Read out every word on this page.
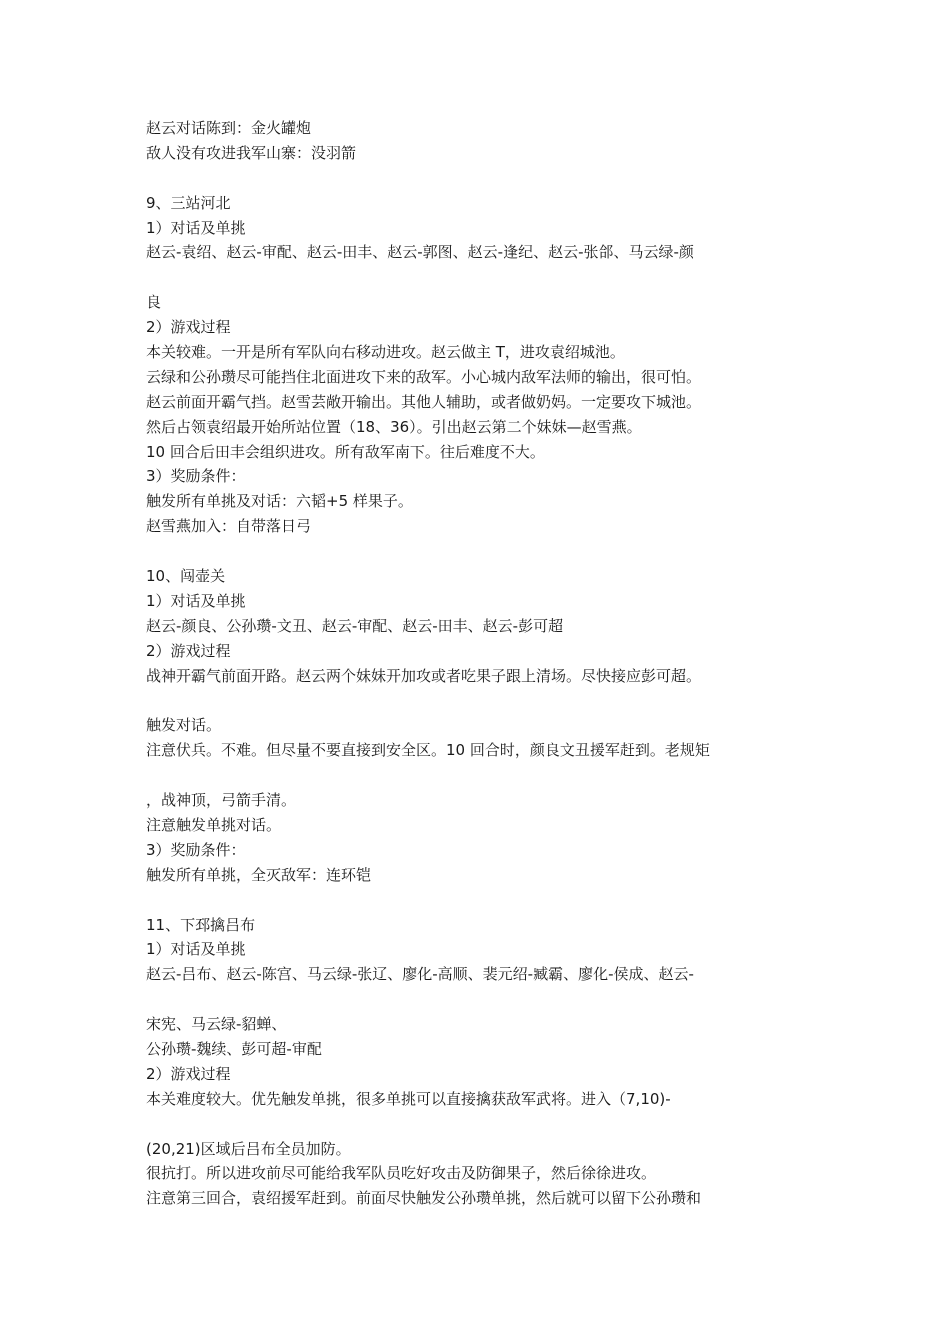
赵云对话陈到：金火罐炮
敌人没有攻进我军山寨：没羽箭
9、三站河北
1）对话及单挑
赵云-袁绍、赵云-审配、赵云-田丰、赵云-郭图、赵云-逢纪、赵云-张郃、马云绿-颜
良
2）游戏过程
本关较难。一开是所有军队向右移动进攻。赵云做主 T，进攻袁绍城池。
云绿和公孙瓒尽可能挡住北面进攻下来的敌军。小心城内敌军法师的输出，很可怕。
赵云前面开霸气挡。赵雪芸敞开输出。其他人辅助，或者做奶妈。一定要攻下城池。
然后占领袁绍最开始所站位置（18、36）。引出赵云第二个妹妹—赵雪燕。
10 回合后田丰会组织进攻。所有敌军南下。往后难度不大。
3）奖励条件：
触发所有单挑及对话：六韬+5 样果子。
赵雪燕加入：自带落日弓
10、闯壶关
1）对话及单挑
赵云-颜良、公孙瓒-文丑、赵云-审配、赵云-田丰、赵云-彭可超
2）游戏过程
战神开霸气前面开路。赵云两个妹妹开加攻或者吃果子跟上清场。尽快接应彭可超。
触发对话。
注意伏兵。不难。但尽量不要直接到安全区。10 回合时，颜良文丑援军赶到。老规矩
，战神顶，弓箭手清。
注意触发单挑对话。
3）奖励条件：
触发所有单挑，全灭敌军：连环铠
11、下邳擒吕布
1）对话及单挑
赵云-吕布、赵云-陈宫、马云绿-张辽、廖化-高顺、裴元绍-臧霸、廖化-侯成、赵云-
宋宪、马云绿-貂蝉、
公孙瓒-魏续、彭可超-审配
2）游戏过程
本关难度较大。优先触发单挑，很多单挑可以直接擒获敌军武将。进入（7,10)-
(20,21)区域后吕布全员加防。
很抗打。所以进攻前尽可能给我军队员吃好攻击及防御果子，然后徐徐进攻。
注意第三回合，袁绍援军赶到。前面尽快触发公孙瓒单挑，然后就可以留下公孙瓒和
